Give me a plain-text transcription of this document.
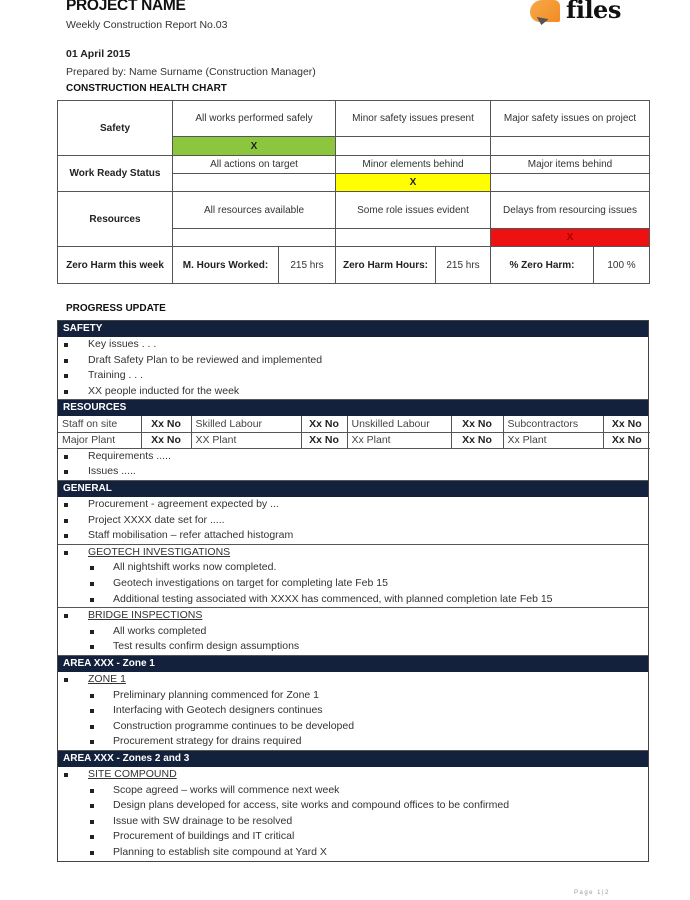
PROJECT NAME
Weekly Construction Report No.03
files
01 April 2015
Prepared by: Name Surname (Construction Manager)
CONSTRUCTION HEALTH CHART
Safety	All works performed safely		Minor safety issues present		Major safety issues on project	
	X					
Work Ready Status	All actions on target		Minor elements behind		Major items behind	
			X			
Resources	All resources available		Some role issues evident		Delays from resourcing issues	
					X	
Zero Harm this week	M. Hours Worked:	215 hrs	Zero Harm Hours:	215 hrs	% Zero Harm:	100 %
PROGRESS UPDATE
SAFETY
Key issues . . .
Draft Safety Plan to be reviewed and implemented
Training . . .
XX people inducted for the week
RESOURCES
Staff on site	Xx No	Skilled Labour	Xx No	Unskilled Labour	Xx No	Subcontractors	Xx No
Major Plant	Xx No	XX Plant	Xx No	Xx Plant	Xx No	Xx Plant	Xx No
Requirements .....
Issues .....
GENERAL
Procurement - agreement expected by ...
Project XXXX date set for .....
Staff mobilisation – refer attached histogram
GEOTECH INVESTIGATIONS
All nightshift works now completed.
Geotech investigations on target for completing late Feb 15
Additional testing associated with XXXX has commenced, with planned completion late Feb 15
BRIDGE INSPECTIONS
All works completed
Test results confirm design assumptions
AREA XXX - Zone 1
ZONE 1
Preliminary planning commenced for Zone 1
Interfacing with Geotech designers continues
Construction programme continues to be developed
Procurement strategy for drains required
AREA XXX - Zones 2 and 3
SITE COMPOUND
Scope agreed – works will commence next week
Design plans developed for access, site works and compound offices to be confirmed
Issue with SW drainage to be resolved
Procurement of buildings and IT critical
Planning to establish site compound at Yard X
Page 1|2
